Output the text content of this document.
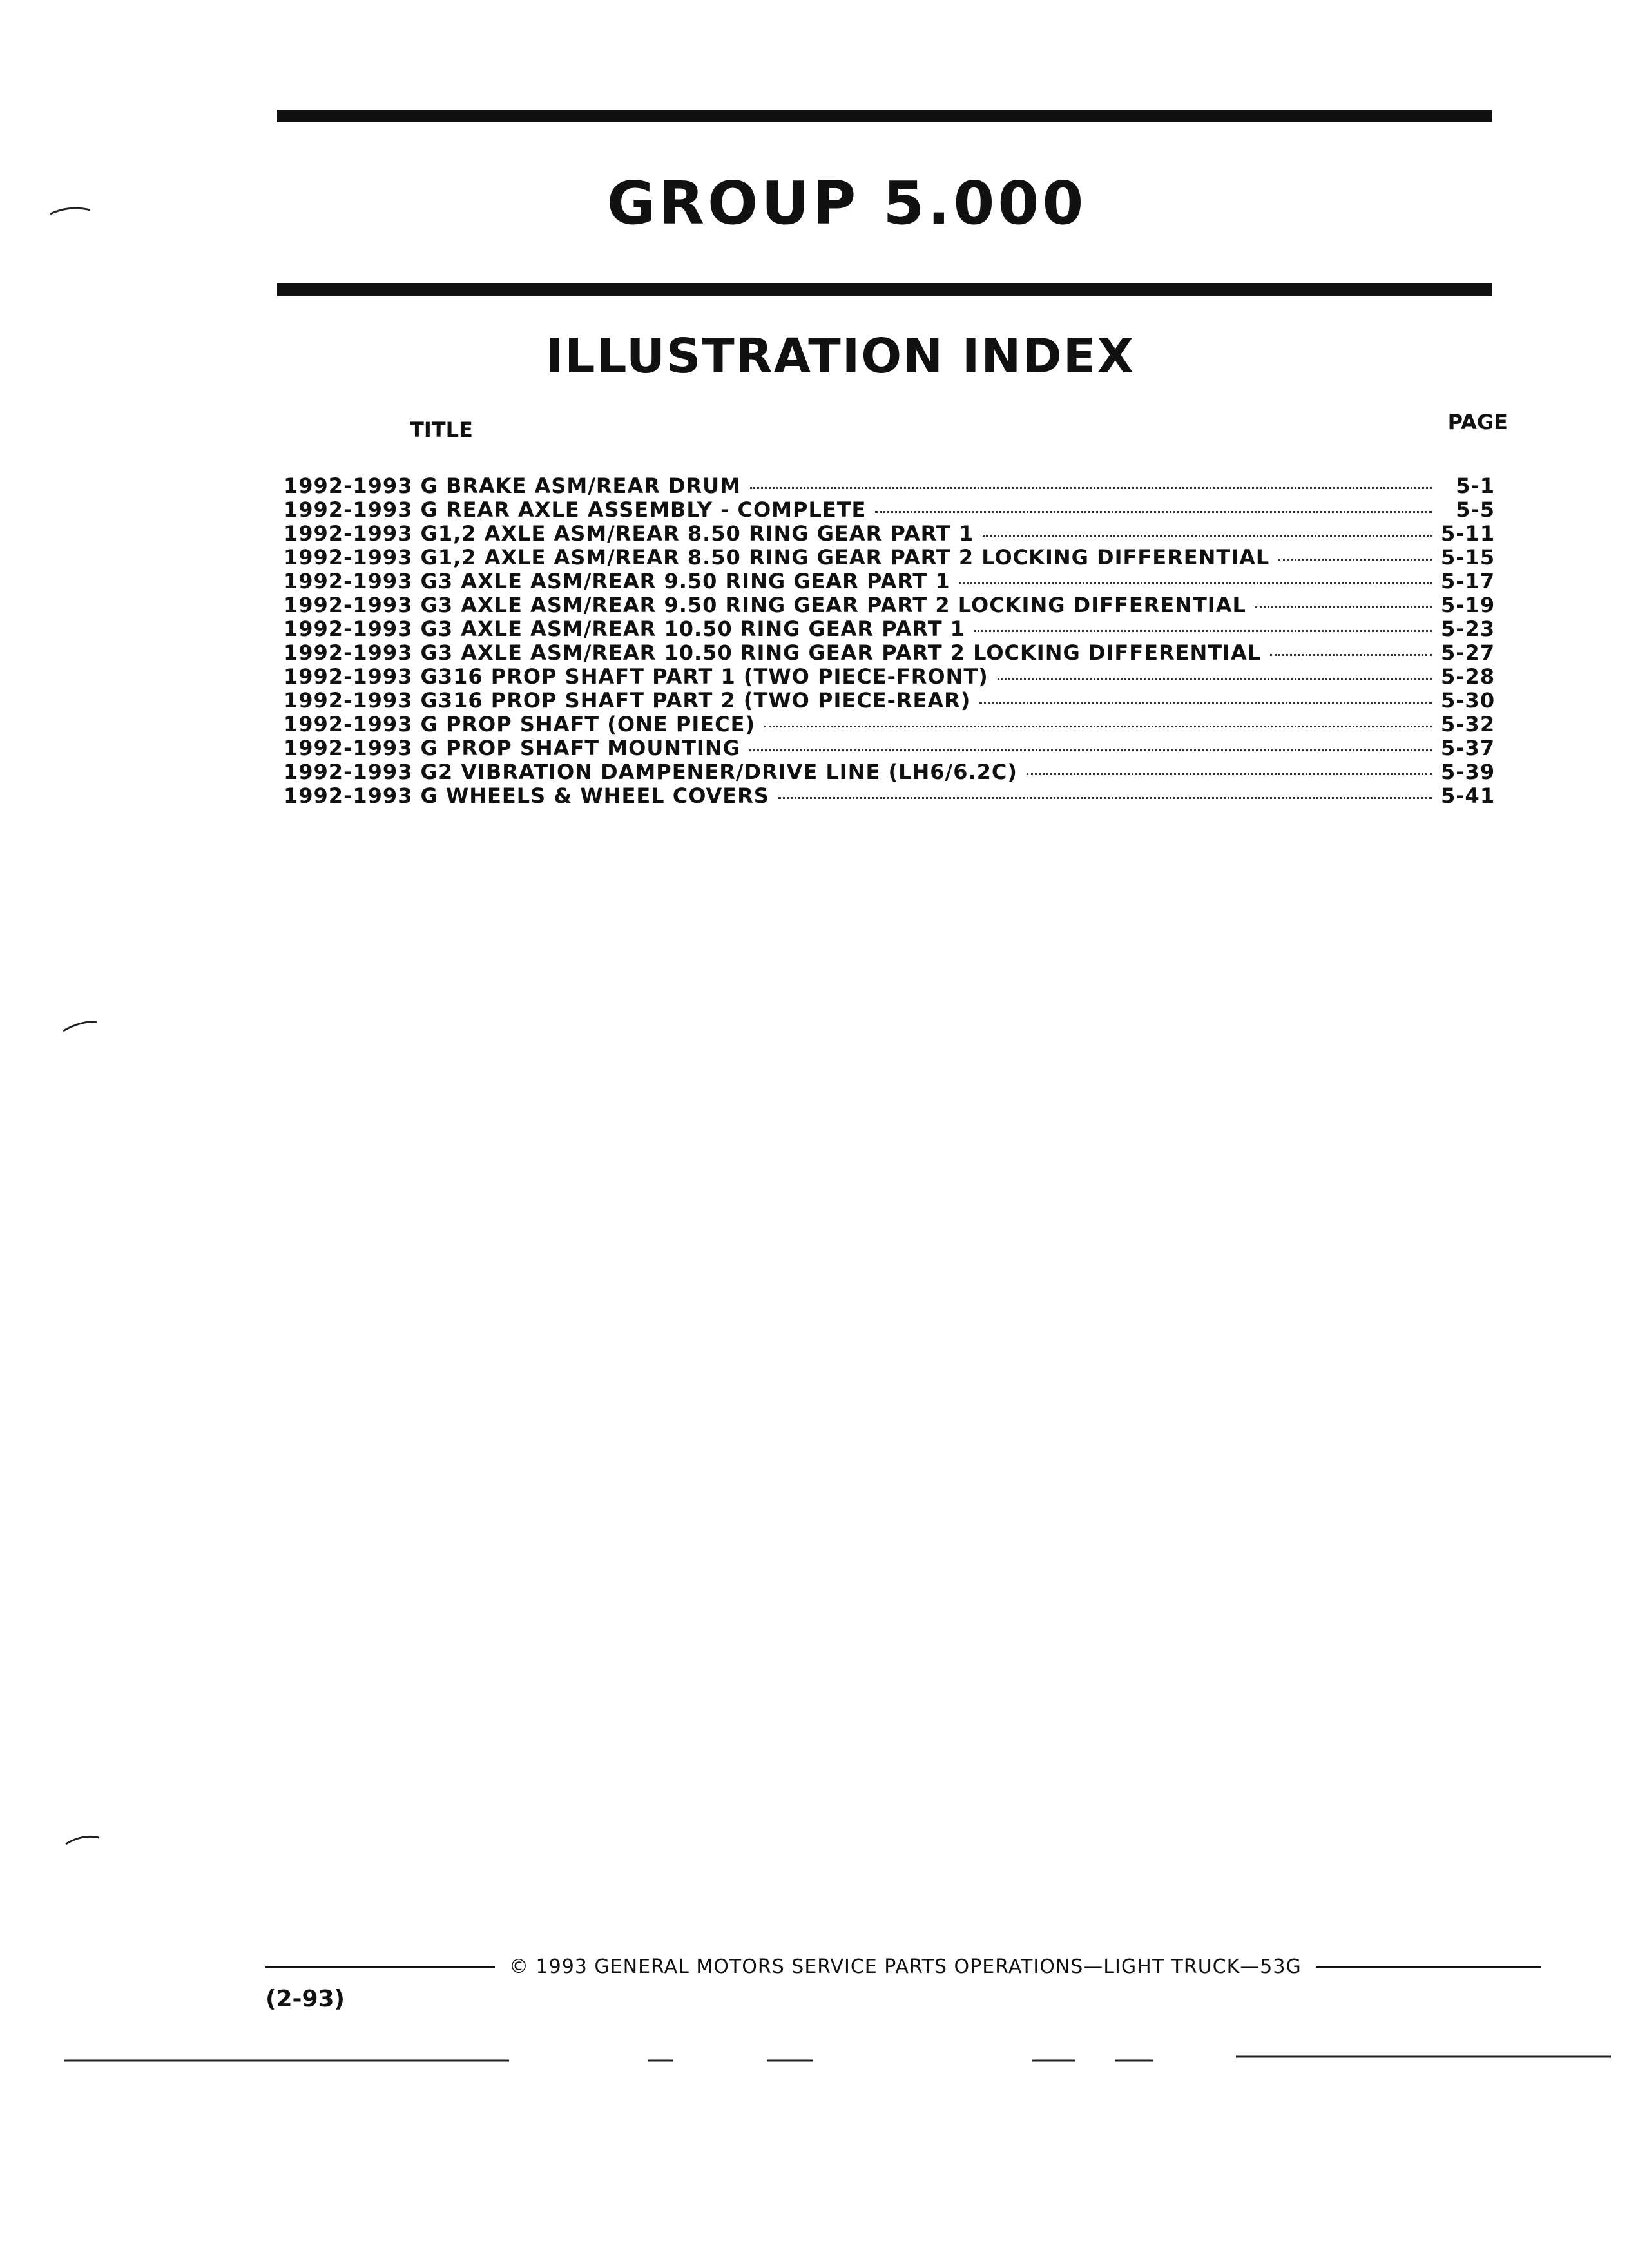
GROUP 5.000
ILLUSTRATION INDEX
TITLE	PAGE
1992-1993 G BRAKE ASM/REAR DRUM	5-1
1992-1993 G REAR AXLE ASSEMBLY - COMPLETE	5-5
1992-1993 G1,2 AXLE ASM/REAR 8.50 RING GEAR PART 1	5-11
1992-1993 G1,2 AXLE ASM/REAR 8.50 RING GEAR PART 2 LOCKING DIFFERENTIAL	5-15
1992-1993 G3 AXLE ASM/REAR 9.50 RING GEAR PART 1	5-17
1992-1993 G3 AXLE ASM/REAR 9.50 RING GEAR PART 2 LOCKING DIFFERENTIAL	5-19
1992-1993 G3 AXLE ASM/REAR 10.50 RING GEAR PART 1	5-23
1992-1993 G3 AXLE ASM/REAR 10.50 RING GEAR PART 2 LOCKING DIFFERENTIAL	5-27
1992-1993 G316 PROP SHAFT PART 1 (TWO PIECE-FRONT)	5-28
1992-1993 G316 PROP SHAFT PART 2 (TWO PIECE-REAR)	5-30
1992-1993 G PROP SHAFT (ONE PIECE)	5-32
1992-1993 G PROP SHAFT MOUNTING	5-37
1992-1993 G2 VIBRATION DAMPENER/DRIVE LINE (LH6/6.2C)	5-39
1992-1993 G WHEELS & WHEEL COVERS	5-41
© 1993 GENERAL MOTORS SERVICE PARTS OPERATIONS—LIGHT TRUCK—53G
(2-93)
